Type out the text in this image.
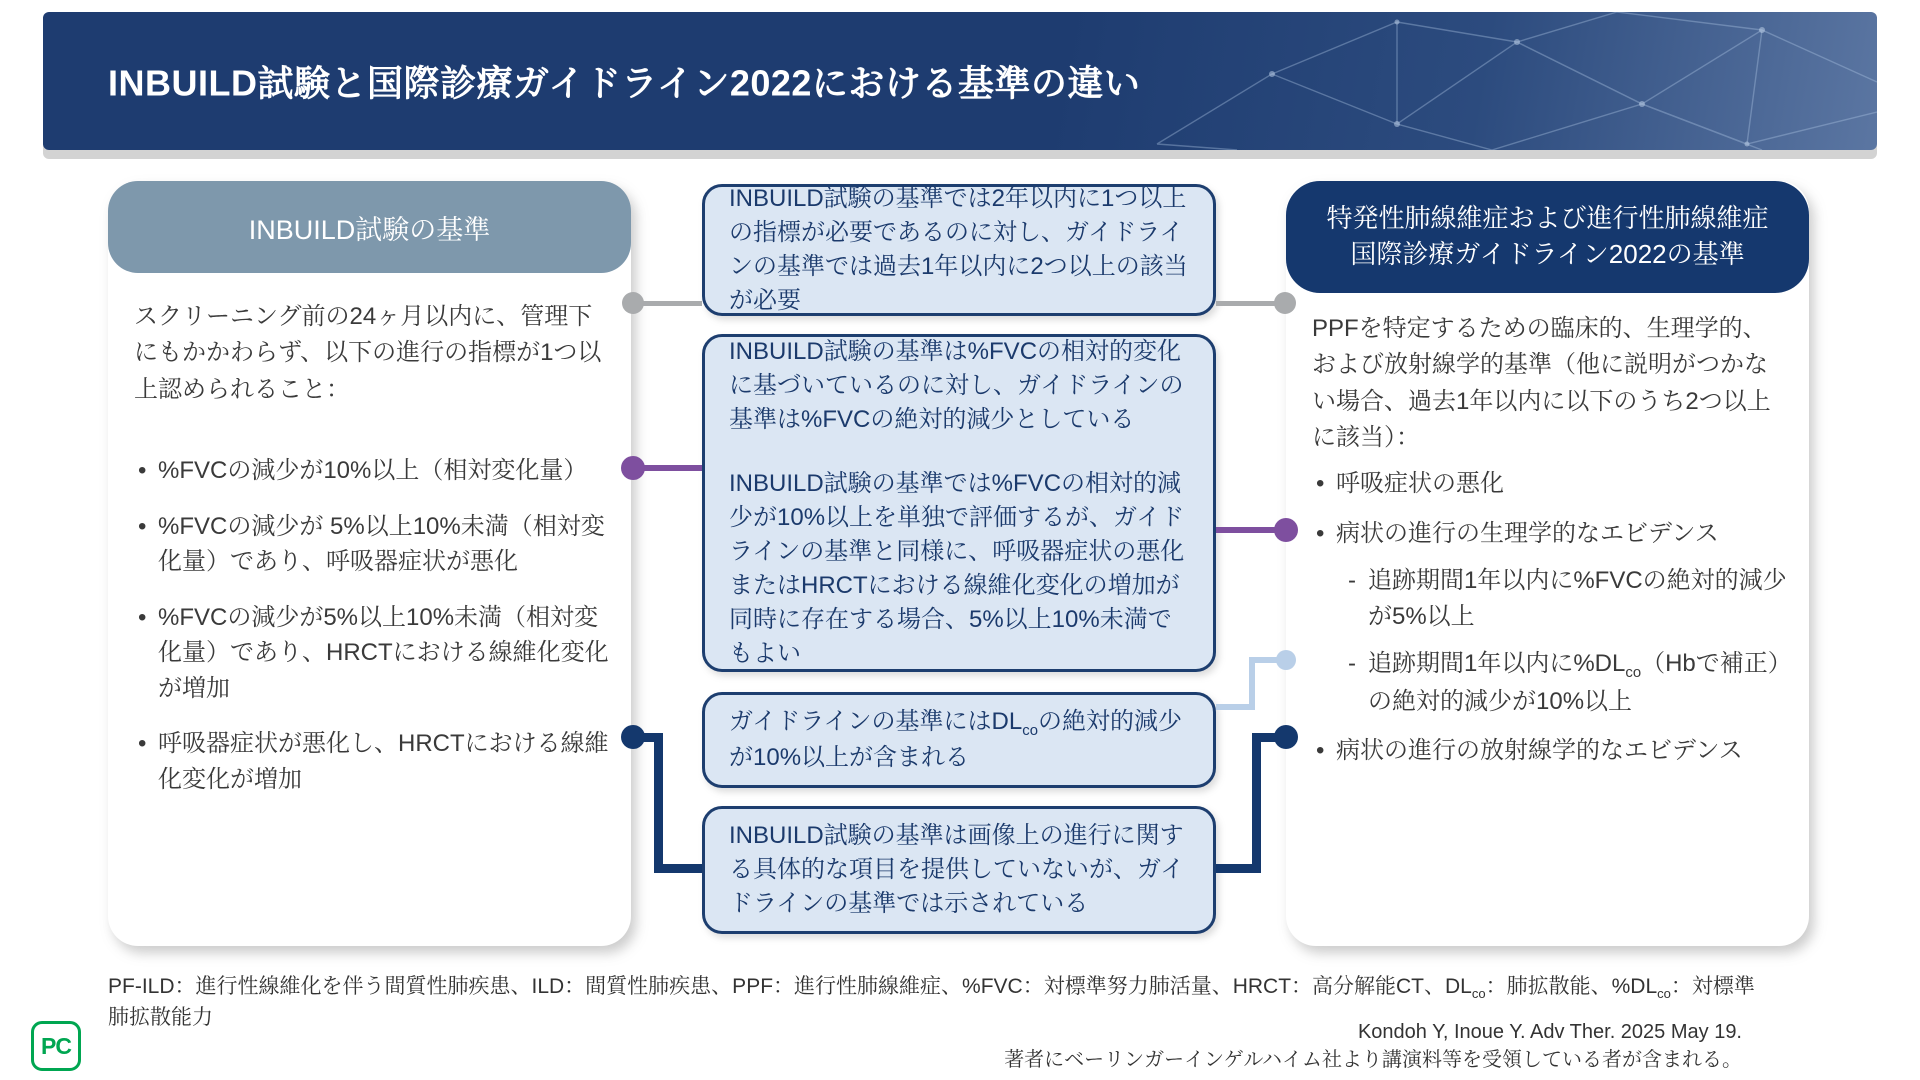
INBUILD試験と国際診療ガイドライン2022における基準の違い
INBUILD試験の基準

スクリーニング前の24ヶ月以内に、管理下にもかかわらず、以下の進行の指標が1つ以上認められること：

• %FVCの減少が10%以上（相対変化量）
• %FVCの減少が 5%以上10%未満（相対変化量）であり、呼吸器症状が悪化
• %FVCの減少が5%以上10%未満（相対変化量）であり、HRCTにおける線維化変化が増加
• 呼吸器症状が悪化し、HRCTにおける線維化変化が増加

INBUILD試験の基準では2年以内に1つ以上の指標が必要であるのに対し、ガイドラインの基準では過去1年以内に2つ以上の該当が必要

INBUILD試験の基準は%FVCの相対的変化に基づいているのに対し、ガイドラインの基準は%FVCの絶対的減少としている

INBUILD試験の基準では%FVCの相対的減少が10%以上を単独で評価するが、ガイドラインの基準と同様に、呼吸器症状の悪化またはHRCTにおける線維化変化の増加が同時に存在する場合、5%以上10%未満でもよい

ガイドラインの基準には$DL_{co}$の絶対的減少が10%以上が含まれる

INBUILD試験の基準は画像上の進行に関する具体的な項目を提供していないが、ガイドラインの基準では示されている

特発性肺線維症および進行性肺線維症
国際診療ガイドライン2022の基準

PPFを特定するための臨床的、生理学的、および放射線学的基準（他に説明がつかない場合、過去1年以内に以下のうち2つ以上に該当）：

• 呼吸症状の悪化
• 病状の進行の生理学的なエビデンス
- 追跡期間1年以内に%FVCの絶対的減少が5%以上
- 追跡期間1年以内に$\%DL_{co}(Hb$で補正）の絶対的減少が10%以上
• 病状の進行の放射線学的なエビデンス

PF-ILD：進行性線維化を伴う間質性肺疾患、ILD：間質性肺疾患、PPF：進行性肺線維症、%FVC：対標準努力肺活量、HRCT：高分解能CT、$DL_{co}$：肺拡散能、$\%DL_{co}$：対標準肺拡散能力

Kondoh Y, Inoue Y. Adv Ther. 2025 May 19.

著者にベーリンガーインゲルハイム社より講演料等を受領している者が含まれる。

PC
